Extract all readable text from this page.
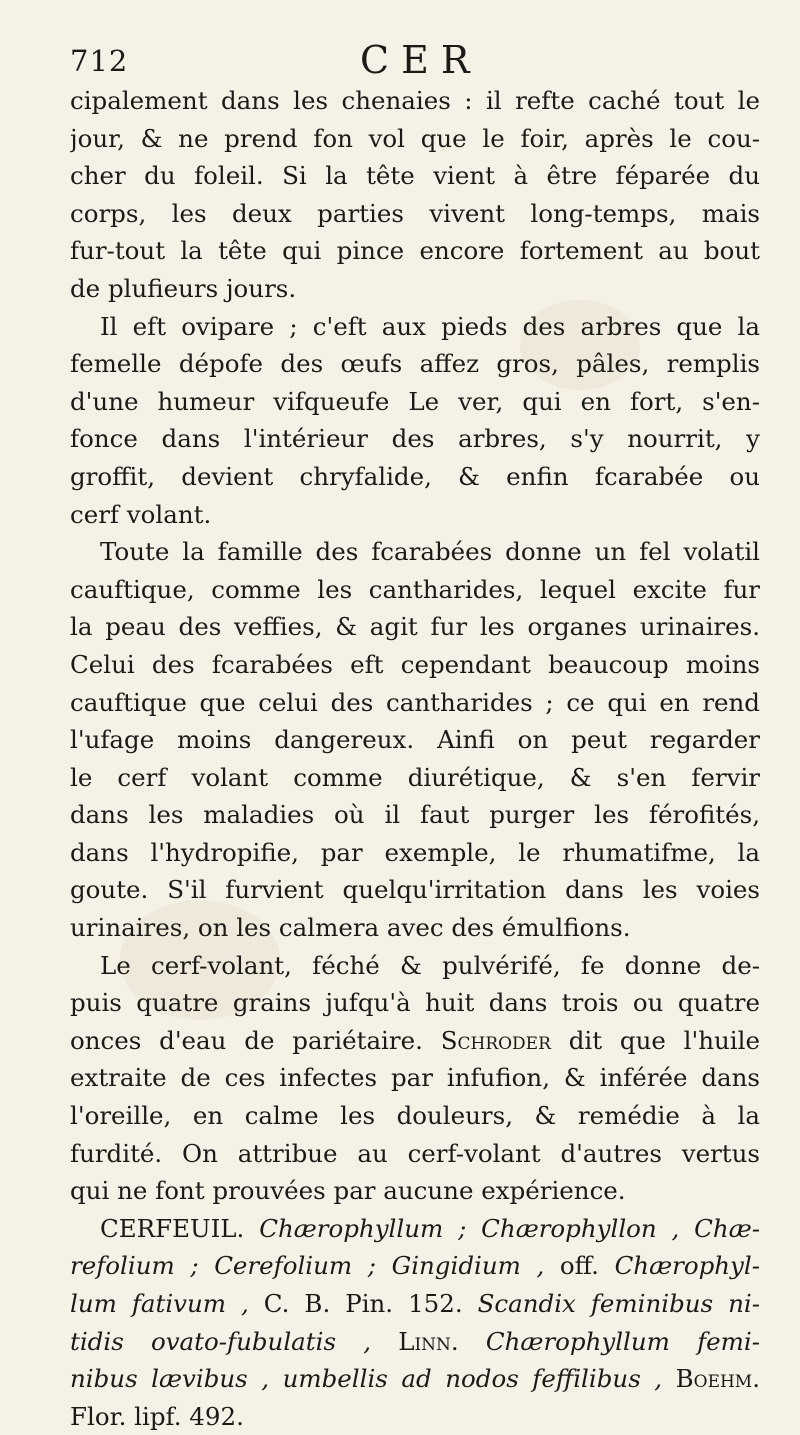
712	CER
cipalement dans les chenaies : il refte caché tout le
jour, & ne prend fon vol que le foir, après le cou-
cher du foleil. Si la tête vient à être féparée du
corps, les deux parties vivent long-temps, mais
fur-tout la tête qui pince encore fortement au bout
de plufieurs jours.
Il eft ovipare ; c'eft aux pieds des arbres que la
femelle dépofe des œufs affez gros, pâles, remplis
d'une humeur vifqueufe Le ver, qui en fort, s'en-
fonce dans l'intérieur des arbres, s'y nourrit, y
groffit, devient chryfalide, & enfin fcarabée ou
cerf volant.
Toute la famille des fcarabées donne un fel volatil
cauftique, comme les cantharides, lequel excite fur
la peau des veffies, & agit fur les organes urinaires.
Celui des fcarabées eft cependant beaucoup moins
cauftique que celui des cantharides ; ce qui en rend
l'ufage moins dangereux. Ainfi on peut regarder
le cerf volant comme diurétique, & s'en fervir
dans les maladies où il faut purger les férofités,
dans l'hydropifie, par exemple, le rhumatifme, la
goute. S'il furvient quelqu'irritation dans les voies
urinaires, on les calmera avec des émulfions.
Le cerf-volant, féché & pulvérifé, fe donne de-
puis quatre grains jufqu'à huit dans trois ou quatre
onces d'eau de pariétaire. Schroder dit que l'huile
extraite de ces infectes par infufion, & inférée dans
l'oreille, en calme les douleurs, & remédie à la
furdité. On attribue au cerf-volant d'autres vertus
qui ne font prouvées par aucune expérience.
CERFEUIL. Chærophyllum ; Chærophyllon , Chæ-
refolium ; Cerefolium ; Gingidium , off. Chærophyl-
lum fativum , C. B. Pin. 152. Scandix feminibus ni-
tidis ovato-fubulatis , Linn. Chærophyllum femi-
nibus lævibus , umbellis ad nodos feffilibus , Boehm.
Flor. lipf. 492.
